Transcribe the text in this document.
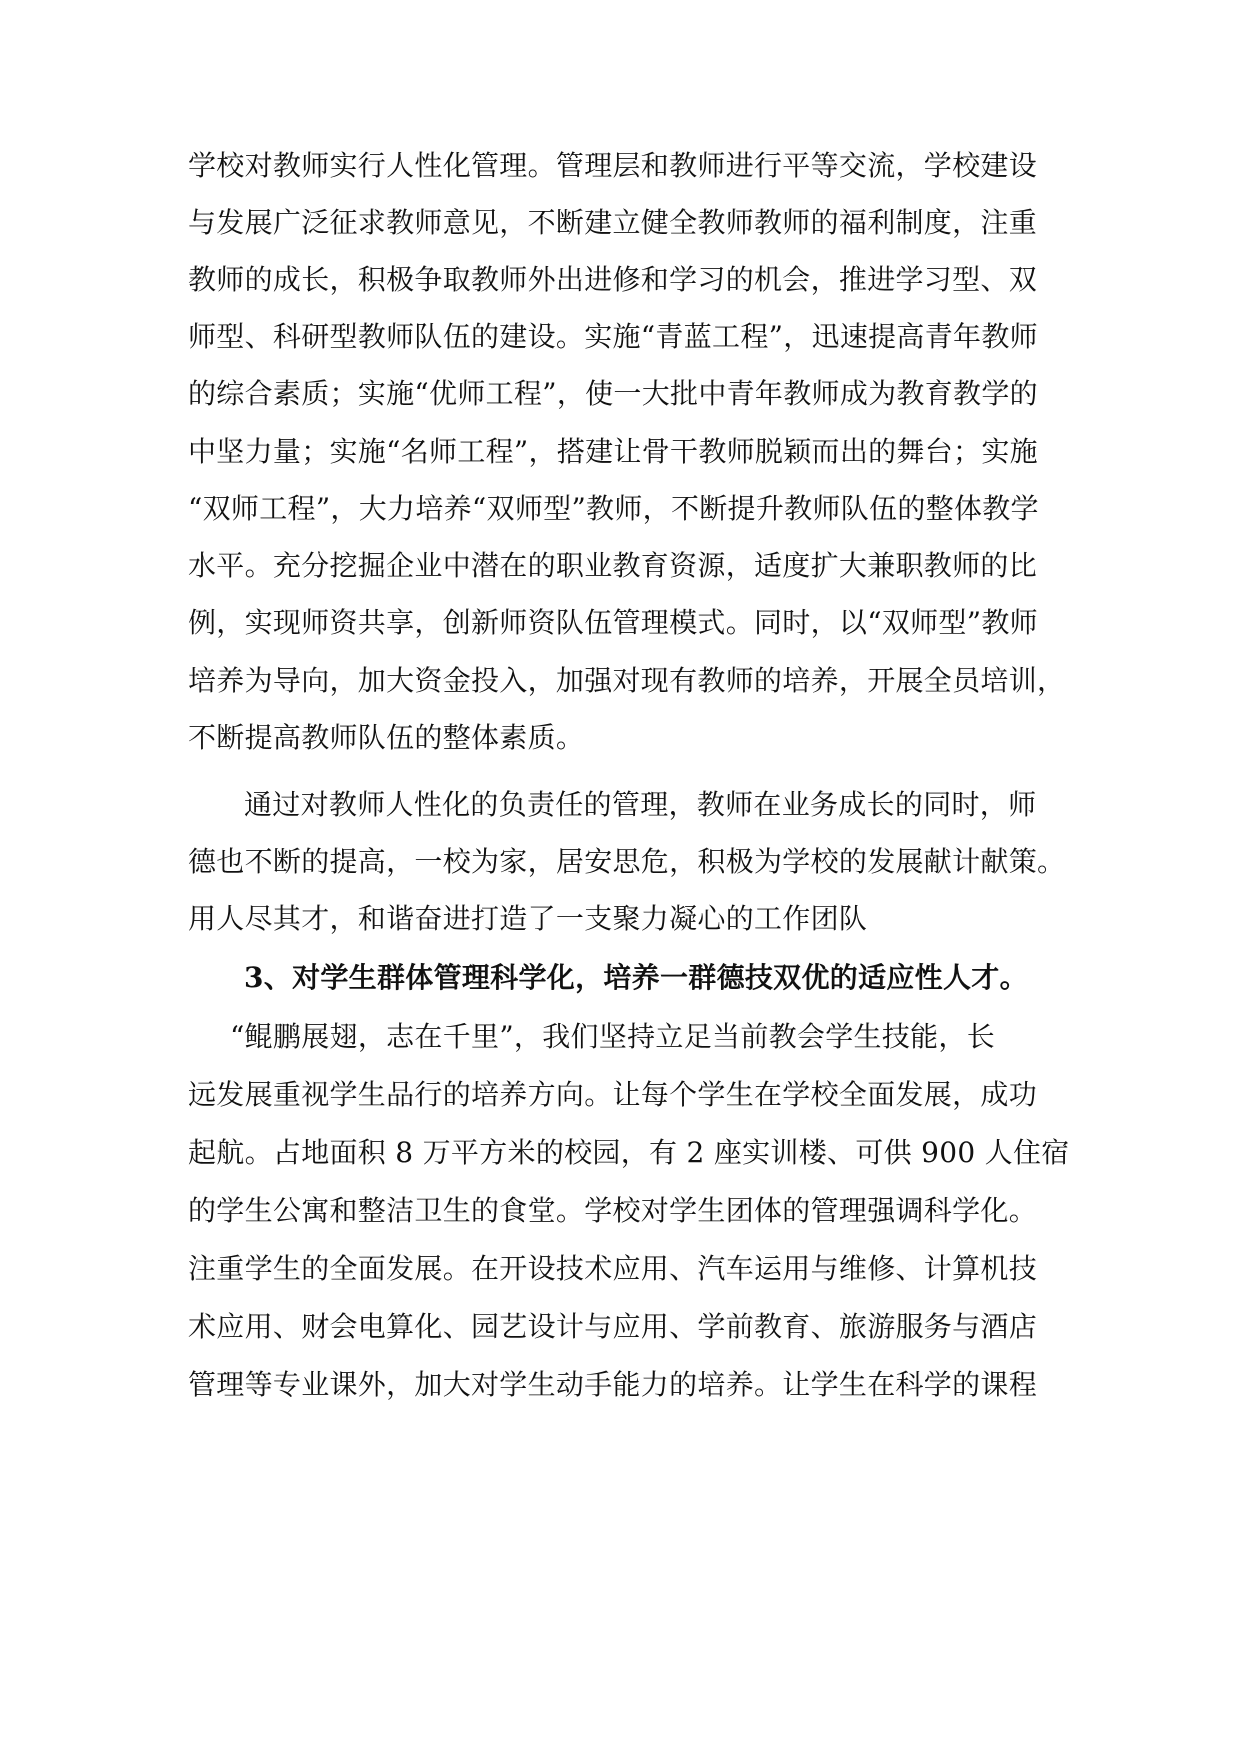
学校对教师实行人性化管理。管理层和教师进行平等交流，学校建设
与发展广泛征求教师意见，不断建立健全教师教师的福利制度，注重
教师的成长，积极争取教师外出进修和学习的机会，推进学习型、双
师型、科研型教师队伍的建设。实施“青蓝工程”，迅速提高青年教师
的综合素质；实施“优师工程”，使一大批中青年教师成为教育教学的
中坚力量；实施“名师工程”，搭建让骨干教师脱颖而出的舞台；实施
“双师工程”，大力培养“双师型”教师，不断提升教师队伍的整体教学
水平。充分挖掘企业中潜在的职业教育资源，适度扩大兼职教师的比
例，实现师资共享，创新师资队伍管理模式。同时，以“双师型”教师
培养为导向，加大资金投入，加强对现有教师的培养，开展全员培训，
不断提高教师队伍的整体素质。
通过对教师人性化的负责任的管理，教师在业务成长的同时，师
德也不断的提高，一校为家，居安思危，积极为学校的发展献计献策。
用人尽其才，和谐奋进打造了一支聚力凝心的工作团队
3、对学生群体管理科学化，培养一群德技双优的适应性人才。
“鲲鹏展翅，志在千里”，我们坚持立足当前教会学生技能，长
远发展重视学生品行的培养方向。让每个学生在学校全面发展，成功
起航。占地面积 8 万平方米的校园，有 2 座实训楼、可供 900 人住宿
的学生公寓和整洁卫生的食堂。学校对学生团体的管理强调科学化。
注重学生的全面发展。在开设技术应用、汽车运用与维修、计算机技
术应用、财会电算化、园艺设计与应用、学前教育、旅游服务与酒店
管理等专业课外，加大对学生动手能力的培养。让学生在科学的课程
